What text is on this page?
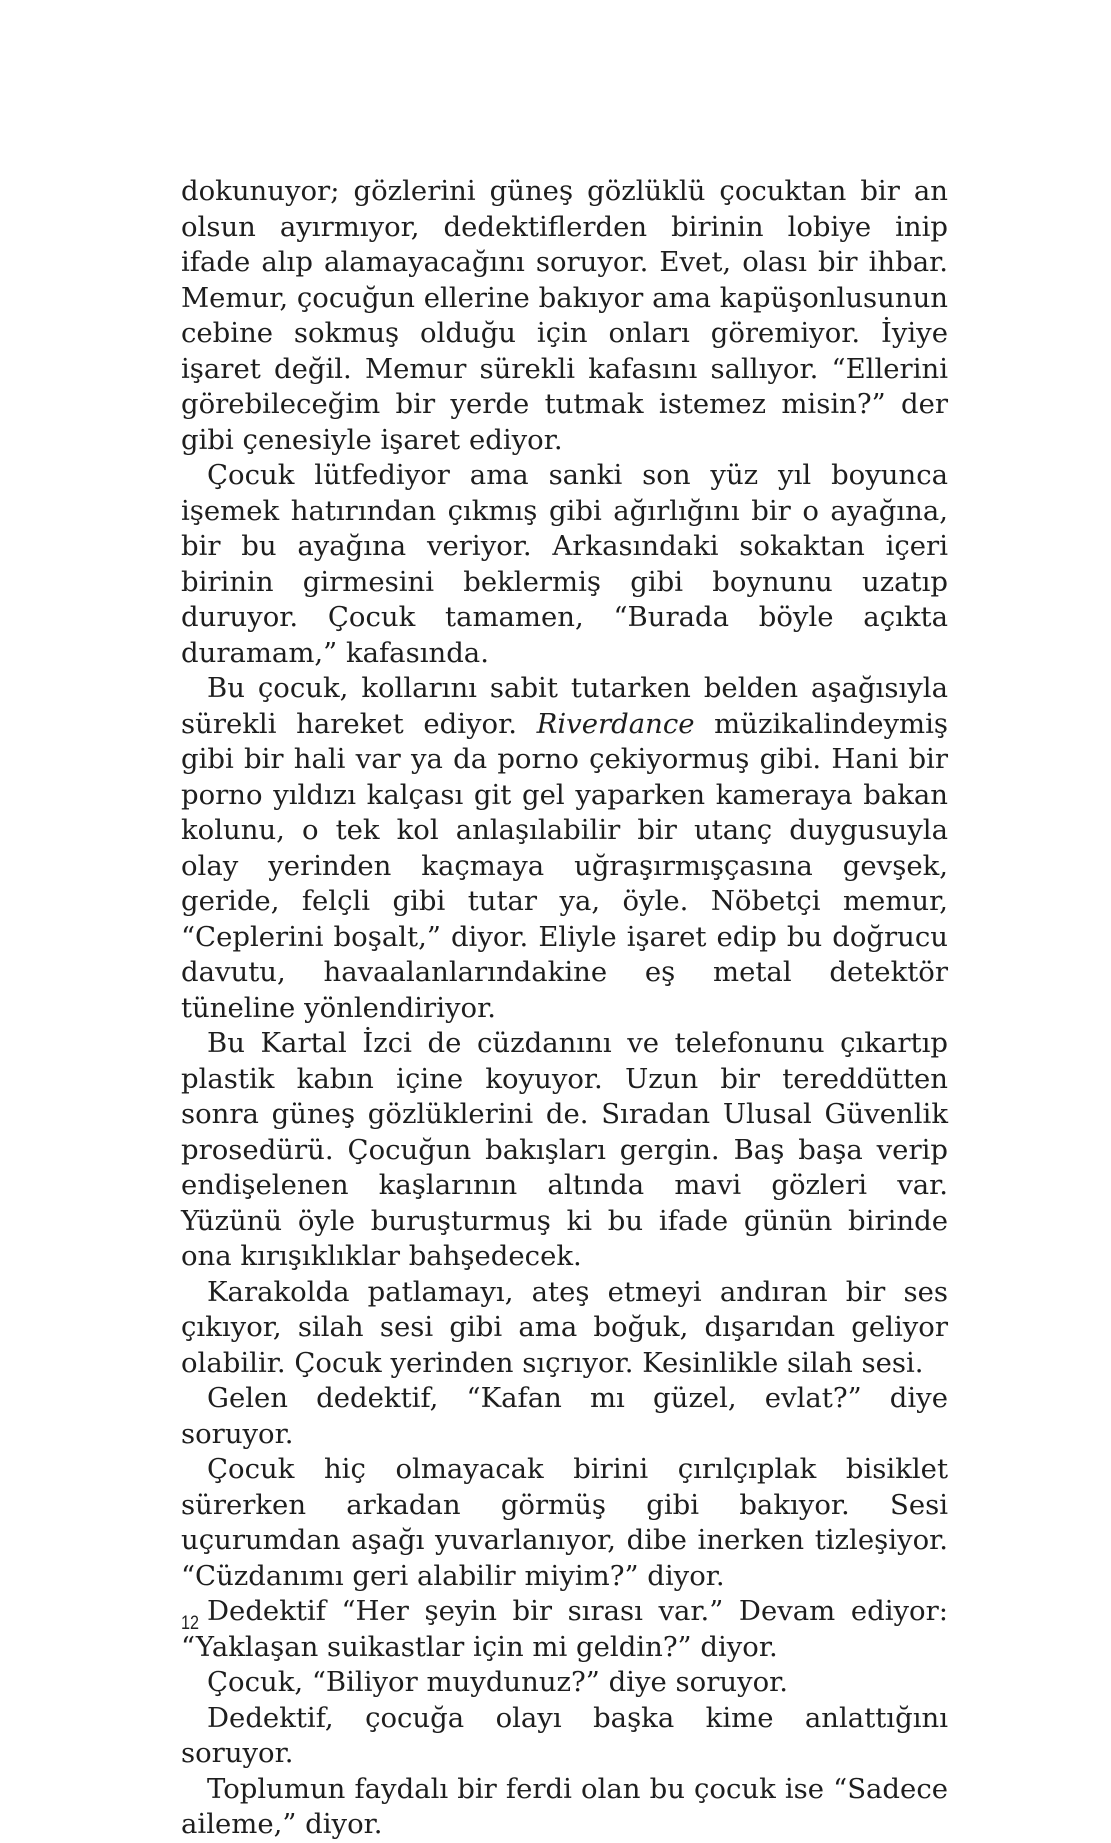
dokunuyor; gözlerini güneş gözlüklü çocuktan bir an olsun ayırmıyor, dedektiflerden birinin lobiye inip ifade alıp alamayacağını soruyor. Evet, olası bir ihbar. Memur, çocuğun ellerine bakıyor ama kapüşonlusunun cebine sokmuş olduğu için onları göremiyor. İyiye işaret değil. Memur sürekli kafasını sallıyor. “Ellerini görebileceğim bir yerde tutmak istemez misin?” der gibi çenesiyle işaret ediyor.

Çocuk lütfediyor ama sanki son yüz yıl boyunca işemek hatırından çıkmış gibi ağırlığını bir o ayağına, bir bu ayağına veriyor. Arkasındaki sokaktan içeri birinin girmesini beklermiş gibi boynunu uzatıp duruyor. Çocuk tamamen, “Burada böyle açıkta duramam,” kafasında.

Bu çocuk, kollarını sabit tutarken belden aşağısıyla sürekli hareket ediyor. Riverdance müzikalindeymiş gibi bir hali var ya da porno çekiyormuş gibi. Hani bir porno yıldızı kalçası git gel yaparken kameraya bakan kolunu, o tek kol anlaşılabilir bir utanç duygusuyla olay yerinden kaçmaya uğraşırmışçasına gevşek, geride, felçli gibi tutar ya, öyle. Nöbetçi memur, “Ceplerini boşalt,” diyor. Eliyle işaret edip bu doğrucu davutu, havaalanlarındakine eş metal detektör tüneline yönlendiriyor.

Bu Kartal İzci de cüzdanını ve telefonunu çıkartıp plastik kabın içine koyuyor. Uzun bir tereddütten sonra güneş gözlüklerini de. Sıradan Ulusal Güvenlik prosedürü. Çocuğun bakışları gergin. Baş başa verip endişelenen kaşlarının altında mavi gözleri var. Yüzünü öyle buruşturmuş ki bu ifade günün birinde ona kırışıklıklar bahşedecek.

Karakolda patlamayı, ateş etmeyi andıran bir ses çıkıyor, silah sesi gibi ama boğuk, dışarıdan geliyor olabilir. Çocuk yerinden sıçrıyor. Kesinlikle silah sesi.

Gelen dedektif, “Kafan mı güzel, evlat?” diye soruyor.

Çocuk hiç olmayacak birini çırılçıplak bisiklet sürerken arkadan görmüş gibi bakıyor. Sesi uçurumdan aşağı yuvarlanıyor, dibe inerken tizleşiyor. “Cüzdanımı geri alabilir miyim?” diyor.

Dedektif “Her şeyin bir sırası var.” Devam ediyor: “Yaklaşan suikastlar için mi geldin?” diyor.

Çocuk, “Biliyor muydunuz?” diye soruyor.

Dedektif, çocuğa olayı başka kime anlattığını soruyor.

Toplumun faydalı bir ferdi olan bu çocuk ise “Sadece aileme,” diyor.

12
